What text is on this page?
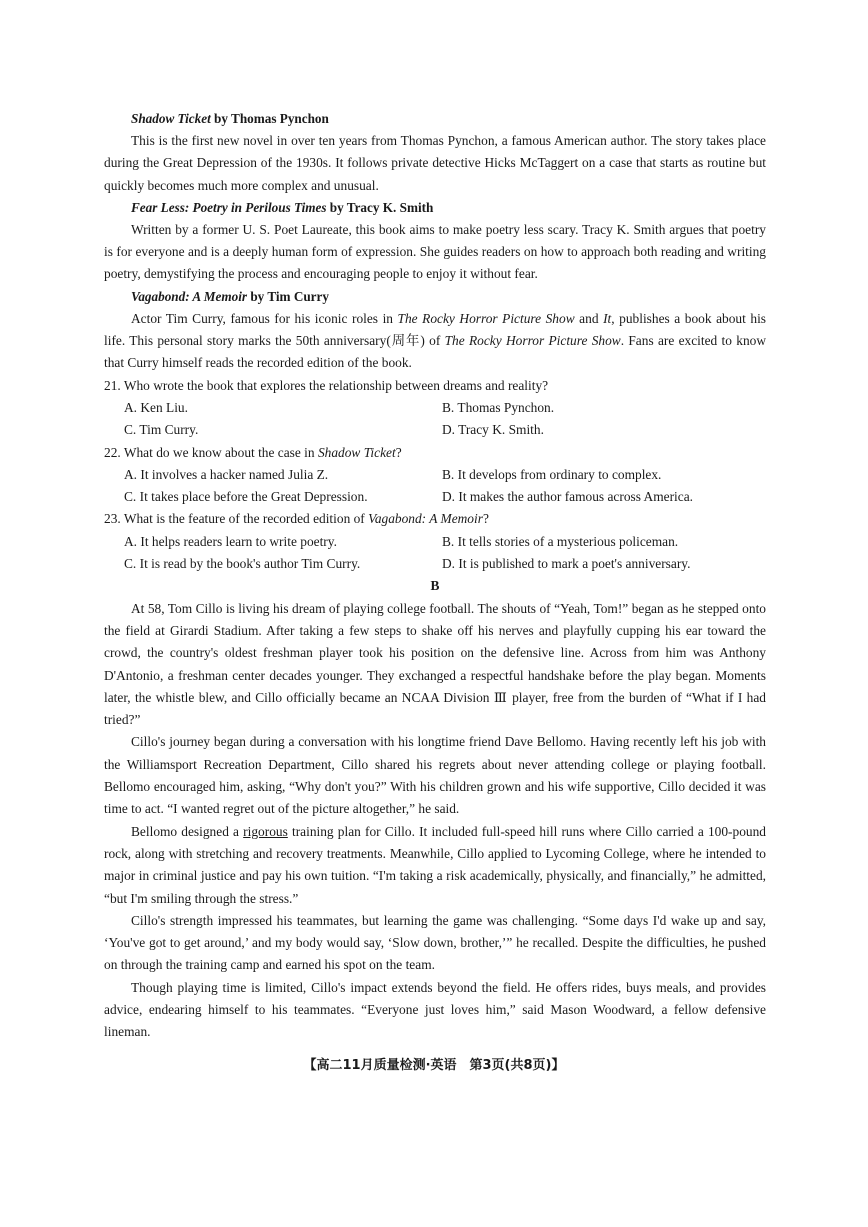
Shadow Ticket by Thomas Pynchon

This is the first new novel in over ten years from Thomas Pynchon, a famous American author. The story takes place during the Great Depression of the 1930s. It follows private detective Hicks McTaggert on a case that starts as routine but quickly becomes much more complex and unusual.

Fear Less: Poetry in Perilous Times by Tracy K. Smith

Written by a former U. S. Poet Laureate, this book aims to make poetry less scary. Tracy K. Smith argues that poetry is for everyone and is a deeply human form of expression. She guides readers on how to approach both reading and writing poetry, demystifying the process and encouraging people to enjoy it without fear.

Vagabond: A Memoir by Tim Curry

Actor Tim Curry, famous for his iconic roles in The Rocky Horror Picture Show and It, publishes a book about his life. This personal story marks the 50th anniversary(周年) of The Rocky Horror Picture Show. Fans are excited to know that Curry himself reads the recorded edition of the book.

21. Who wrote the book that explores the relationship between dreams and reality?
A. Ken Liu.	B. Thomas Pynchon.
C. Tim Curry.	D. Tracy K. Smith.
22. What do we know about the case in Shadow Ticket?
A. It involves a hacker named Julia Z.	B. It develops from ordinary to complex.
C. It takes place before the Great Depression.	D. It makes the author famous across America.
23. What is the feature of the recorded edition of Vagabond: A Memoir?
A. It helps readers learn to write poetry.	B. It tells stories of a mysterious policeman.
C. It is read by the book's author Tim Curry.	D. It is published to mark a poet's anniversary.
B

At 58, Tom Cillo is living his dream of playing college football. The shouts of “Yeah, Tom!” began as he stepped onto the field at Girardi Stadium. After taking a few steps to shake off his nerves and playfully cupping his ear toward the crowd, the country's oldest freshman player took his position on the defensive line. Across from him was Anthony D'Antonio, a freshman center decades younger. They exchanged a respectful handshake before the play began. Moments later, the whistle blew, and Cillo officially became an NCAA Division Ⅲ player, free from the burden of “What if I had tried?”

Cillo's journey began during a conversation with his longtime friend Dave Bellomo. Having recently left his job with the Williamsport Recreation Department, Cillo shared his regrets about never attending college or playing football. Bellomo encouraged him, asking, “Why don't you?” With his children grown and his wife supportive, Cillo decided it was time to act. “I wanted regret out of the picture altogether,” he said.

Bellomo designed a rigorous training plan for Cillo. It included full-speed hill runs where Cillo carried a 100-pound rock, along with stretching and recovery treatments. Meanwhile, Cillo applied to Lycoming College, where he intended to major in criminal justice and pay his own tuition. “I'm taking a risk academically, physically, and financially,” he admitted, “but I'm smiling through the stress.”

Cillo's strength impressed his teammates, but learning the game was challenging. “Some days I'd wake up and say, ‘You've got to get around,’ and my body would say, ‘Slow down, brother,’” he recalled. Despite the difficulties, he pushed on through the training camp and earned his spot on the team.

Though playing time is limited, Cillo's impact extends beyond the field. He offers rides, buys meals, and provides advice, endearing himself to his teammates. “Everyone just loves him,” said Mason Woodward, a fellow defensive lineman.

【高二11月质量检测·英语　第3页(共8页)】
